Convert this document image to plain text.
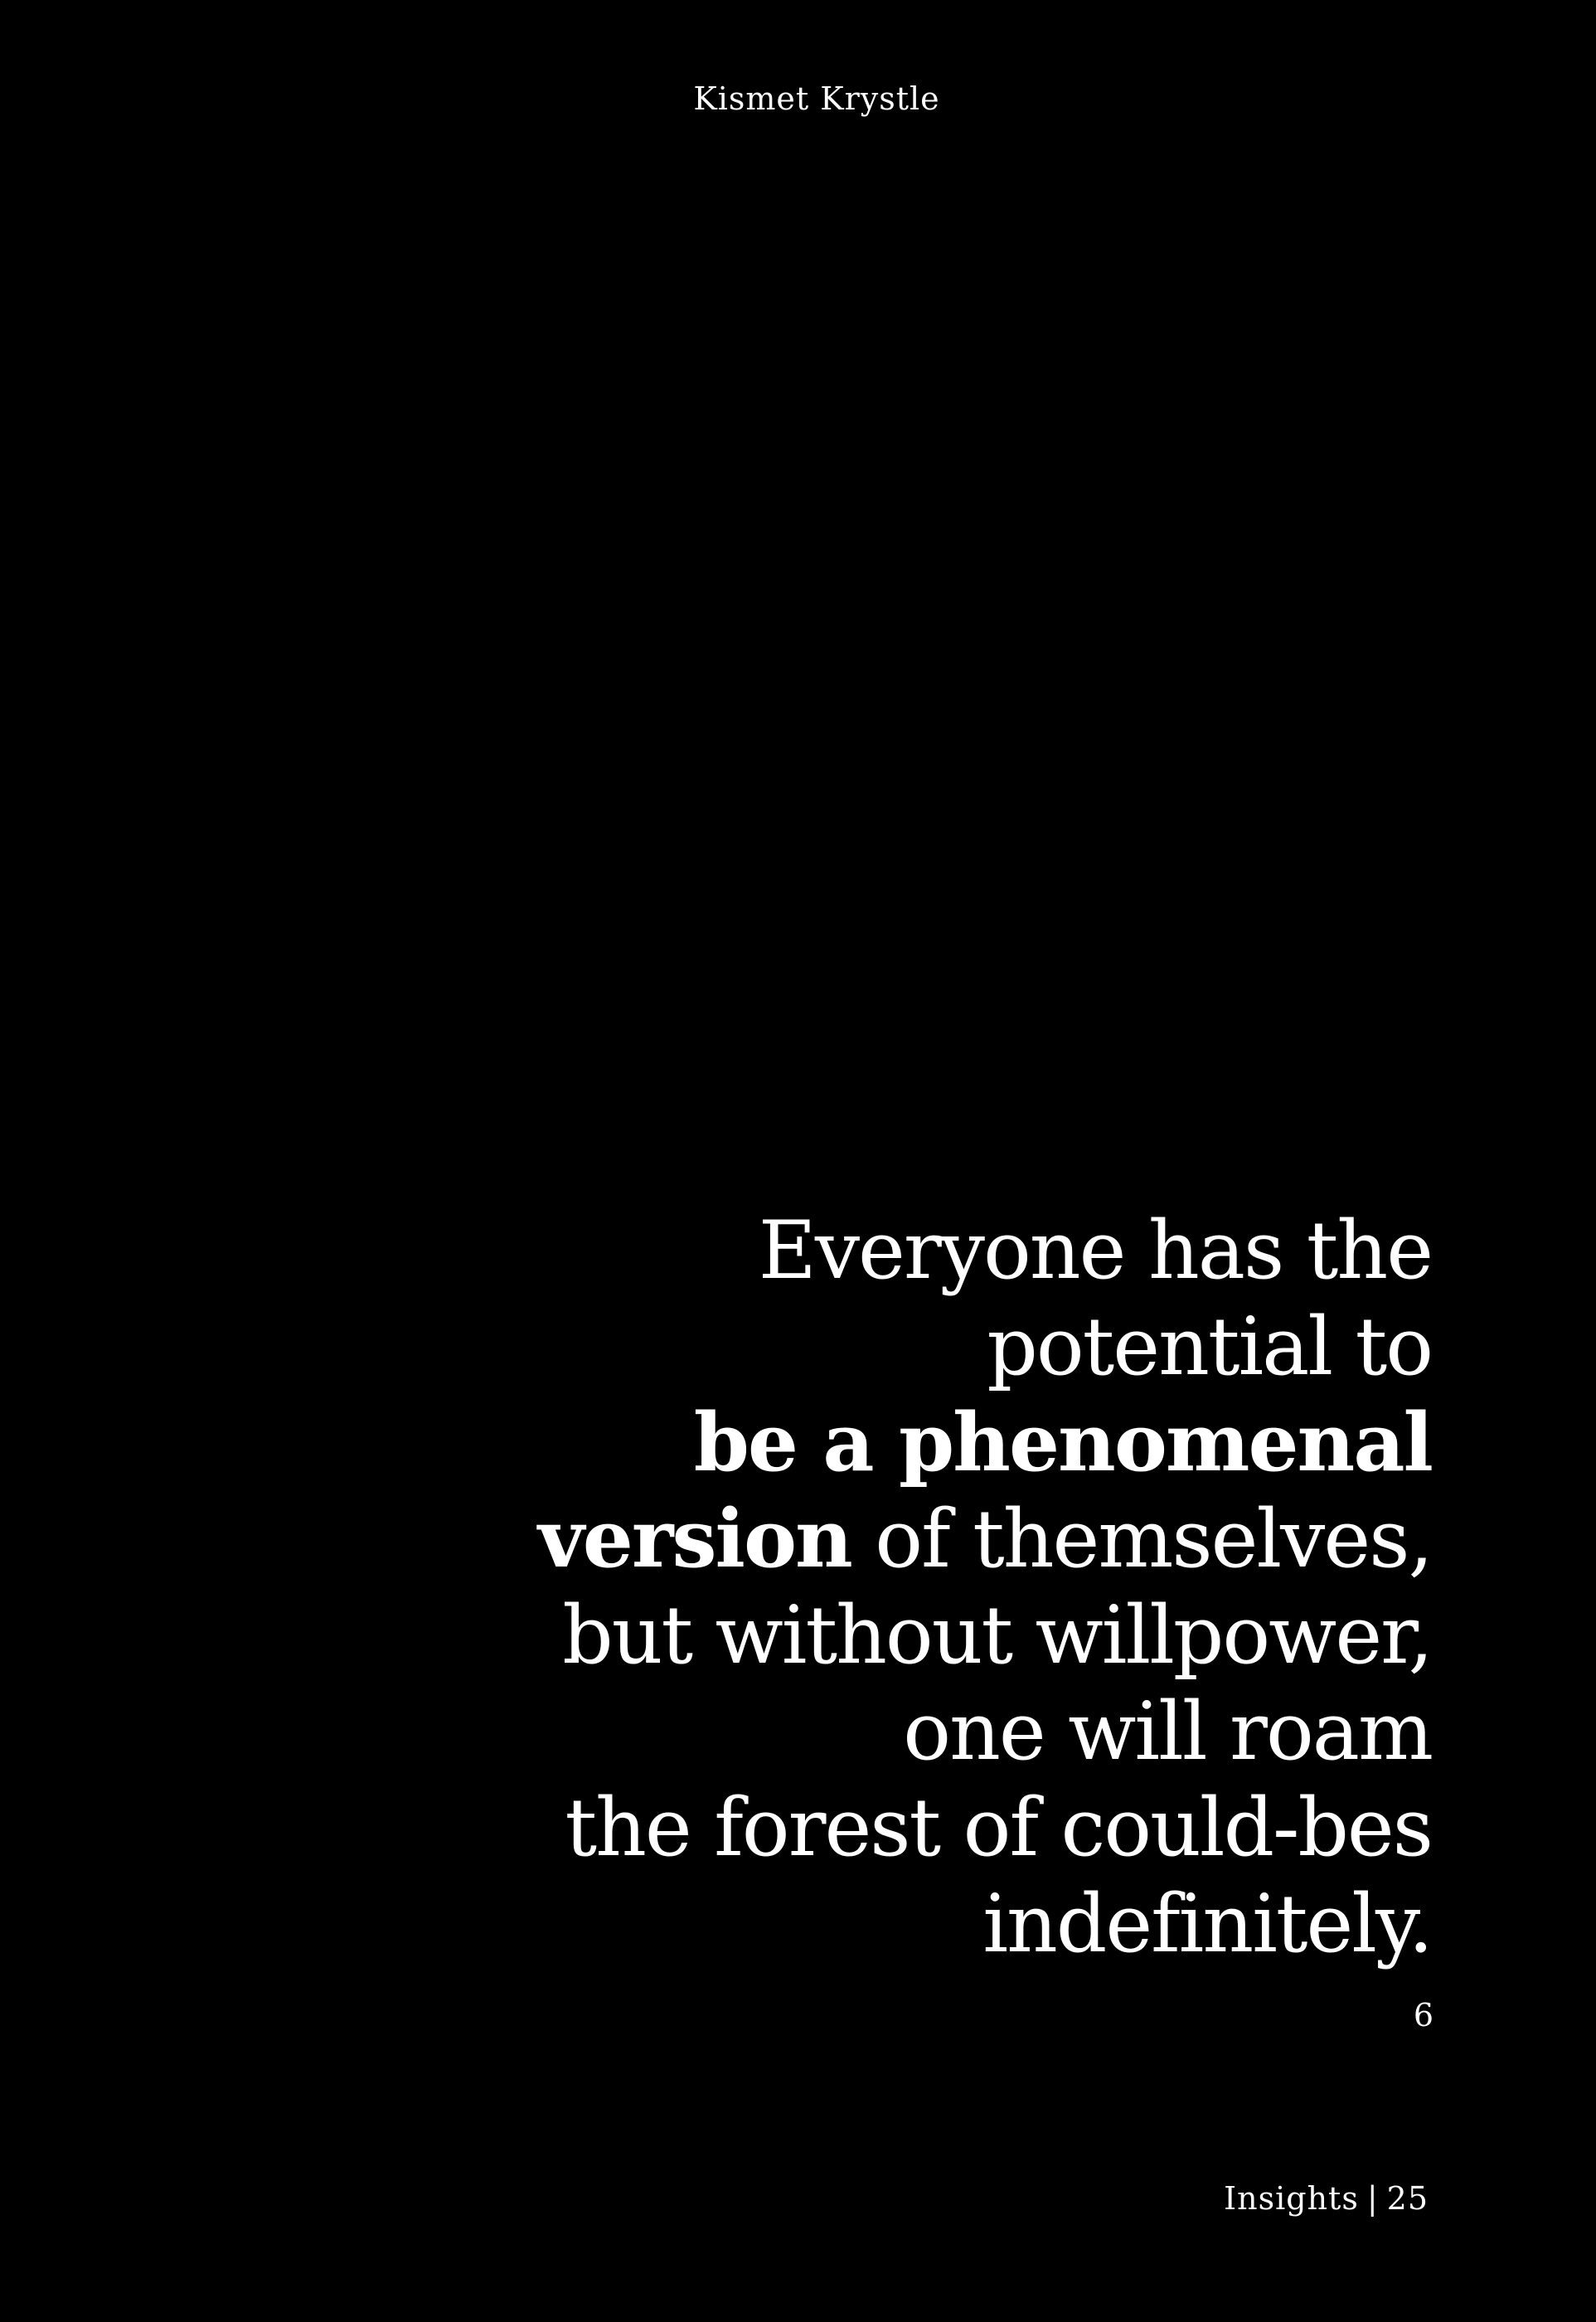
Kismet Krystle
Everyone has the
potential to
be a phenomenal
version of themselves,
but without willpower,
one will roam
the forest of could-bes
indefinitely.
6
Insights | 25
